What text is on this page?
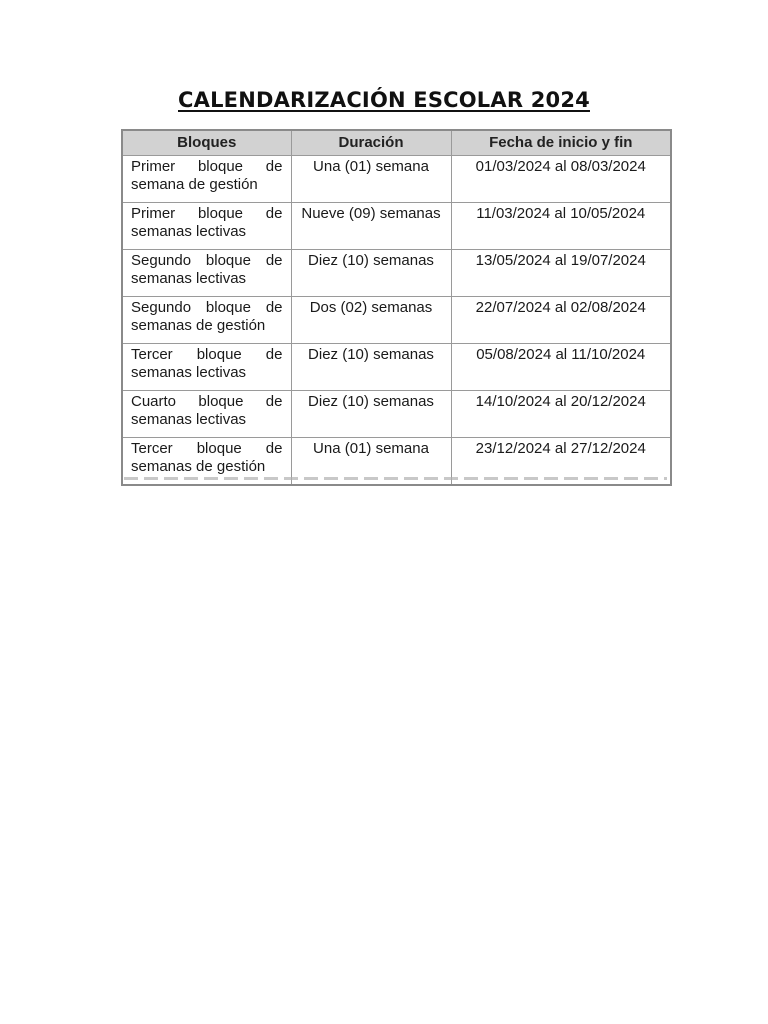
CALENDARIZACIÓN ESCOLAR 2024
Bloques	Duración	Fecha de inicio y fin
Primer bloque de semana de gestión	Una (01) semana	01/03/2024 al 08/03/2024
Primer bloque de semanas lectivas	Nueve (09) semanas	11/03/2024 al 10/05/2024
Segundo bloque de semanas lectivas	Diez (10) semanas	13/05/2024 al 19/07/2024
Segundo bloque de semanas de gestión	Dos (02) semanas	22/07/2024 al 02/08/2024
Tercer bloque de semanas lectivas	Diez (10) semanas	05/08/2024 al 11/10/2024
Cuarto bloque de semanas lectivas	Diez (10) semanas	14/10/2024 al 20/12/2024
Tercer bloque de semanas de gestión	Una (01) semana	23/12/2024 al 27/12/2024
